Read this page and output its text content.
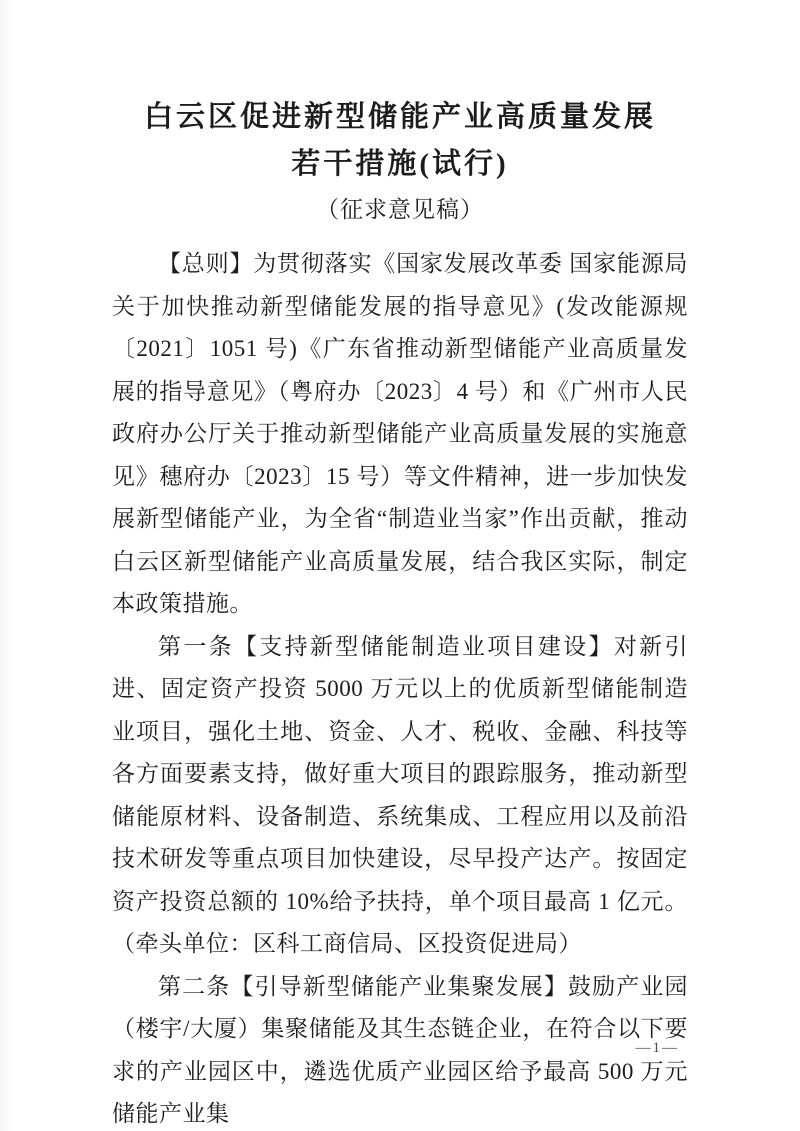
白云区促进新型储能产业高质量发展
若干措施(试行)
（征求意见稿）

【总则】为贯彻落实《国家发展改革委 国家能源局关于加快推动新型储能发展的指导意见》(发改能源规〔2021〕1051 号)《广东省推动新型储能产业高质量发展的指导意见》（粤府办〔2023〕4 号）和《广州市人民政府办公厅关于推动新型储能产业高质量发展的实施意见》穗府办〔2023〕15 号）等文件精神，进一步加快发展新型储能产业，为全省“制造业当家”作出贡献，推动白云区新型储能产业高质量发展，结合我区实际，制定本政策措施。

第一条【支持新型储能制造业项目建设】对新引进、固定资产投资 5000 万元以上的优质新型储能制造业项目，强化土地、资金、人才、税收、金融、科技等各方面要素支持，做好重大项目的跟踪服务，推动新型储能原材料、设备制造、系统集成、工程应用以及前沿技术研发等重点项目加快建设，尽早投产达产。按固定资产投资总额的 10%给予扶持，单个项目最高 1 亿元。（牵头单位：区科工商信局、区投资促进局）

第二条【引导新型储能产业集聚发展】鼓励产业园（楼宇/大厦）集聚储能及其生态链企业，在符合以下要求的产业园区中，遴选优质产业园区给予最高 500 万元储能产业集

—1—
